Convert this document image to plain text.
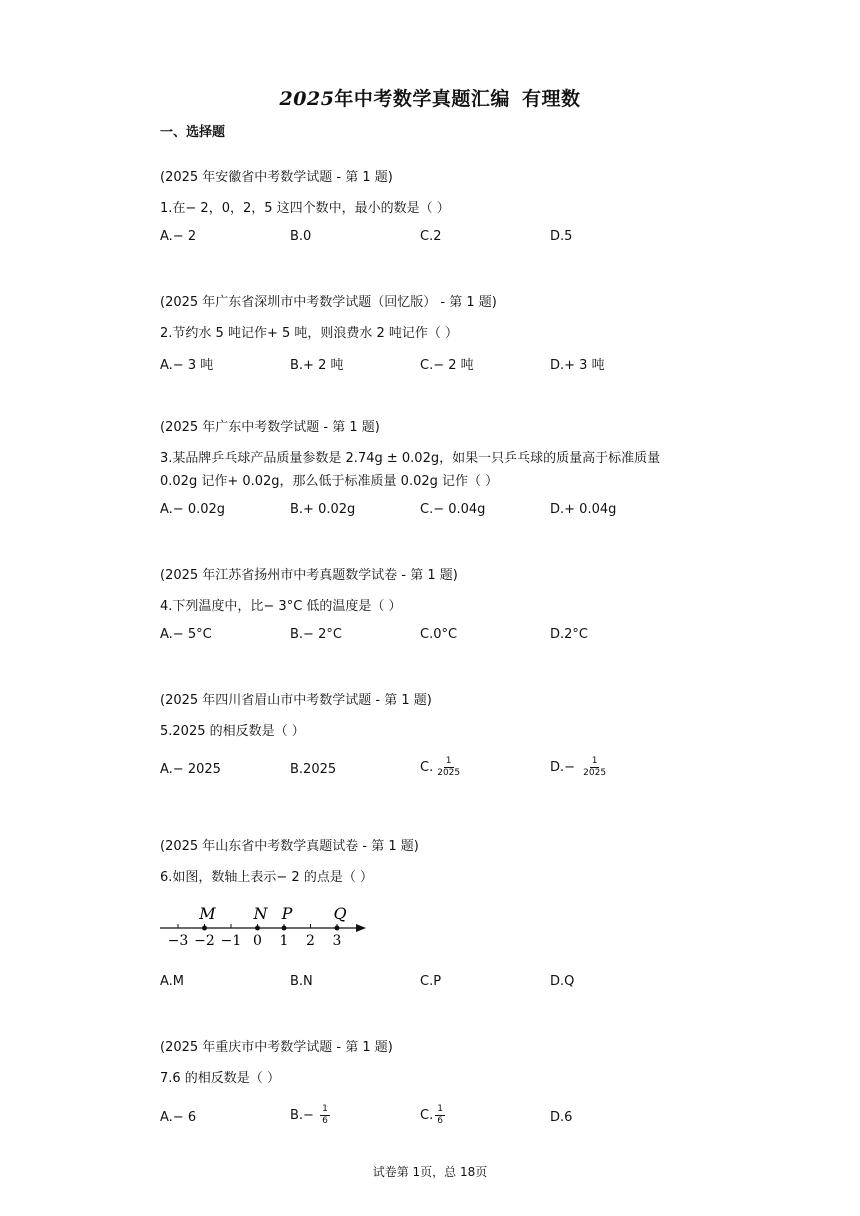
2025年中考数学真题汇编 有理数
一、选择题
(2025 年安徽省中考数学试题 - 第 1 题)
1.在− 2，0，2，5 这四个数中，最小的数是（ ）
A.− 2	B.0	C.2	D.5
(2025 年广东省深圳市中考数学试题（回忆版） - 第 1 题)
2.节约水 5 吨记作+ 5 吨，则浪费水 2 吨记作（ ）
A.− 3 吨	B.+ 2 吨	C.− 2 吨	D.+ 3 吨
(2025 年广东中考数学试题 - 第 1 题)
3.某品牌乒乓球产品质量参数是 2.74g ± 0.02g，如果一只乒乓球的质量高于标准质量
0.02g 记作+ 0.02g，那么低于标准质量 0.02g 记作（ ）
A.− 0.02g	B.+ 0.02g	C.− 0.04g	D.+ 0.04g
(2025 年江苏省扬州市中考真题数学试卷 - 第 1 题)
4.下列温度中，比− 3°C 低的温度是（ ）
A.− 5°C	B.− 2°C	C.0°C	D.2°C
(2025 年四川省眉山市中考数学试题 - 第 1 题)
5.2025 的相反数是（ ）
A.− 2025	B.2025	C. $\frac{1}{2025}$	$D.- \frac{1}{2025}$
(2025 年山东省中考数学真题试卷 - 第 1 题)
6.如图，数轴上表示− 2 的点是（ ）
−3 −2 −1 0 1 2 3
M N P	Q
A.M	B.N	C.P	D.Q
(2025 年重庆市中考数学试题 - 第 1 题)
7.6 的相反数是（ ）
A.− 6	$B.- \frac{1}{6}$	C. $\frac{1}{6}$	D.6
试卷第 1页，总 18页
